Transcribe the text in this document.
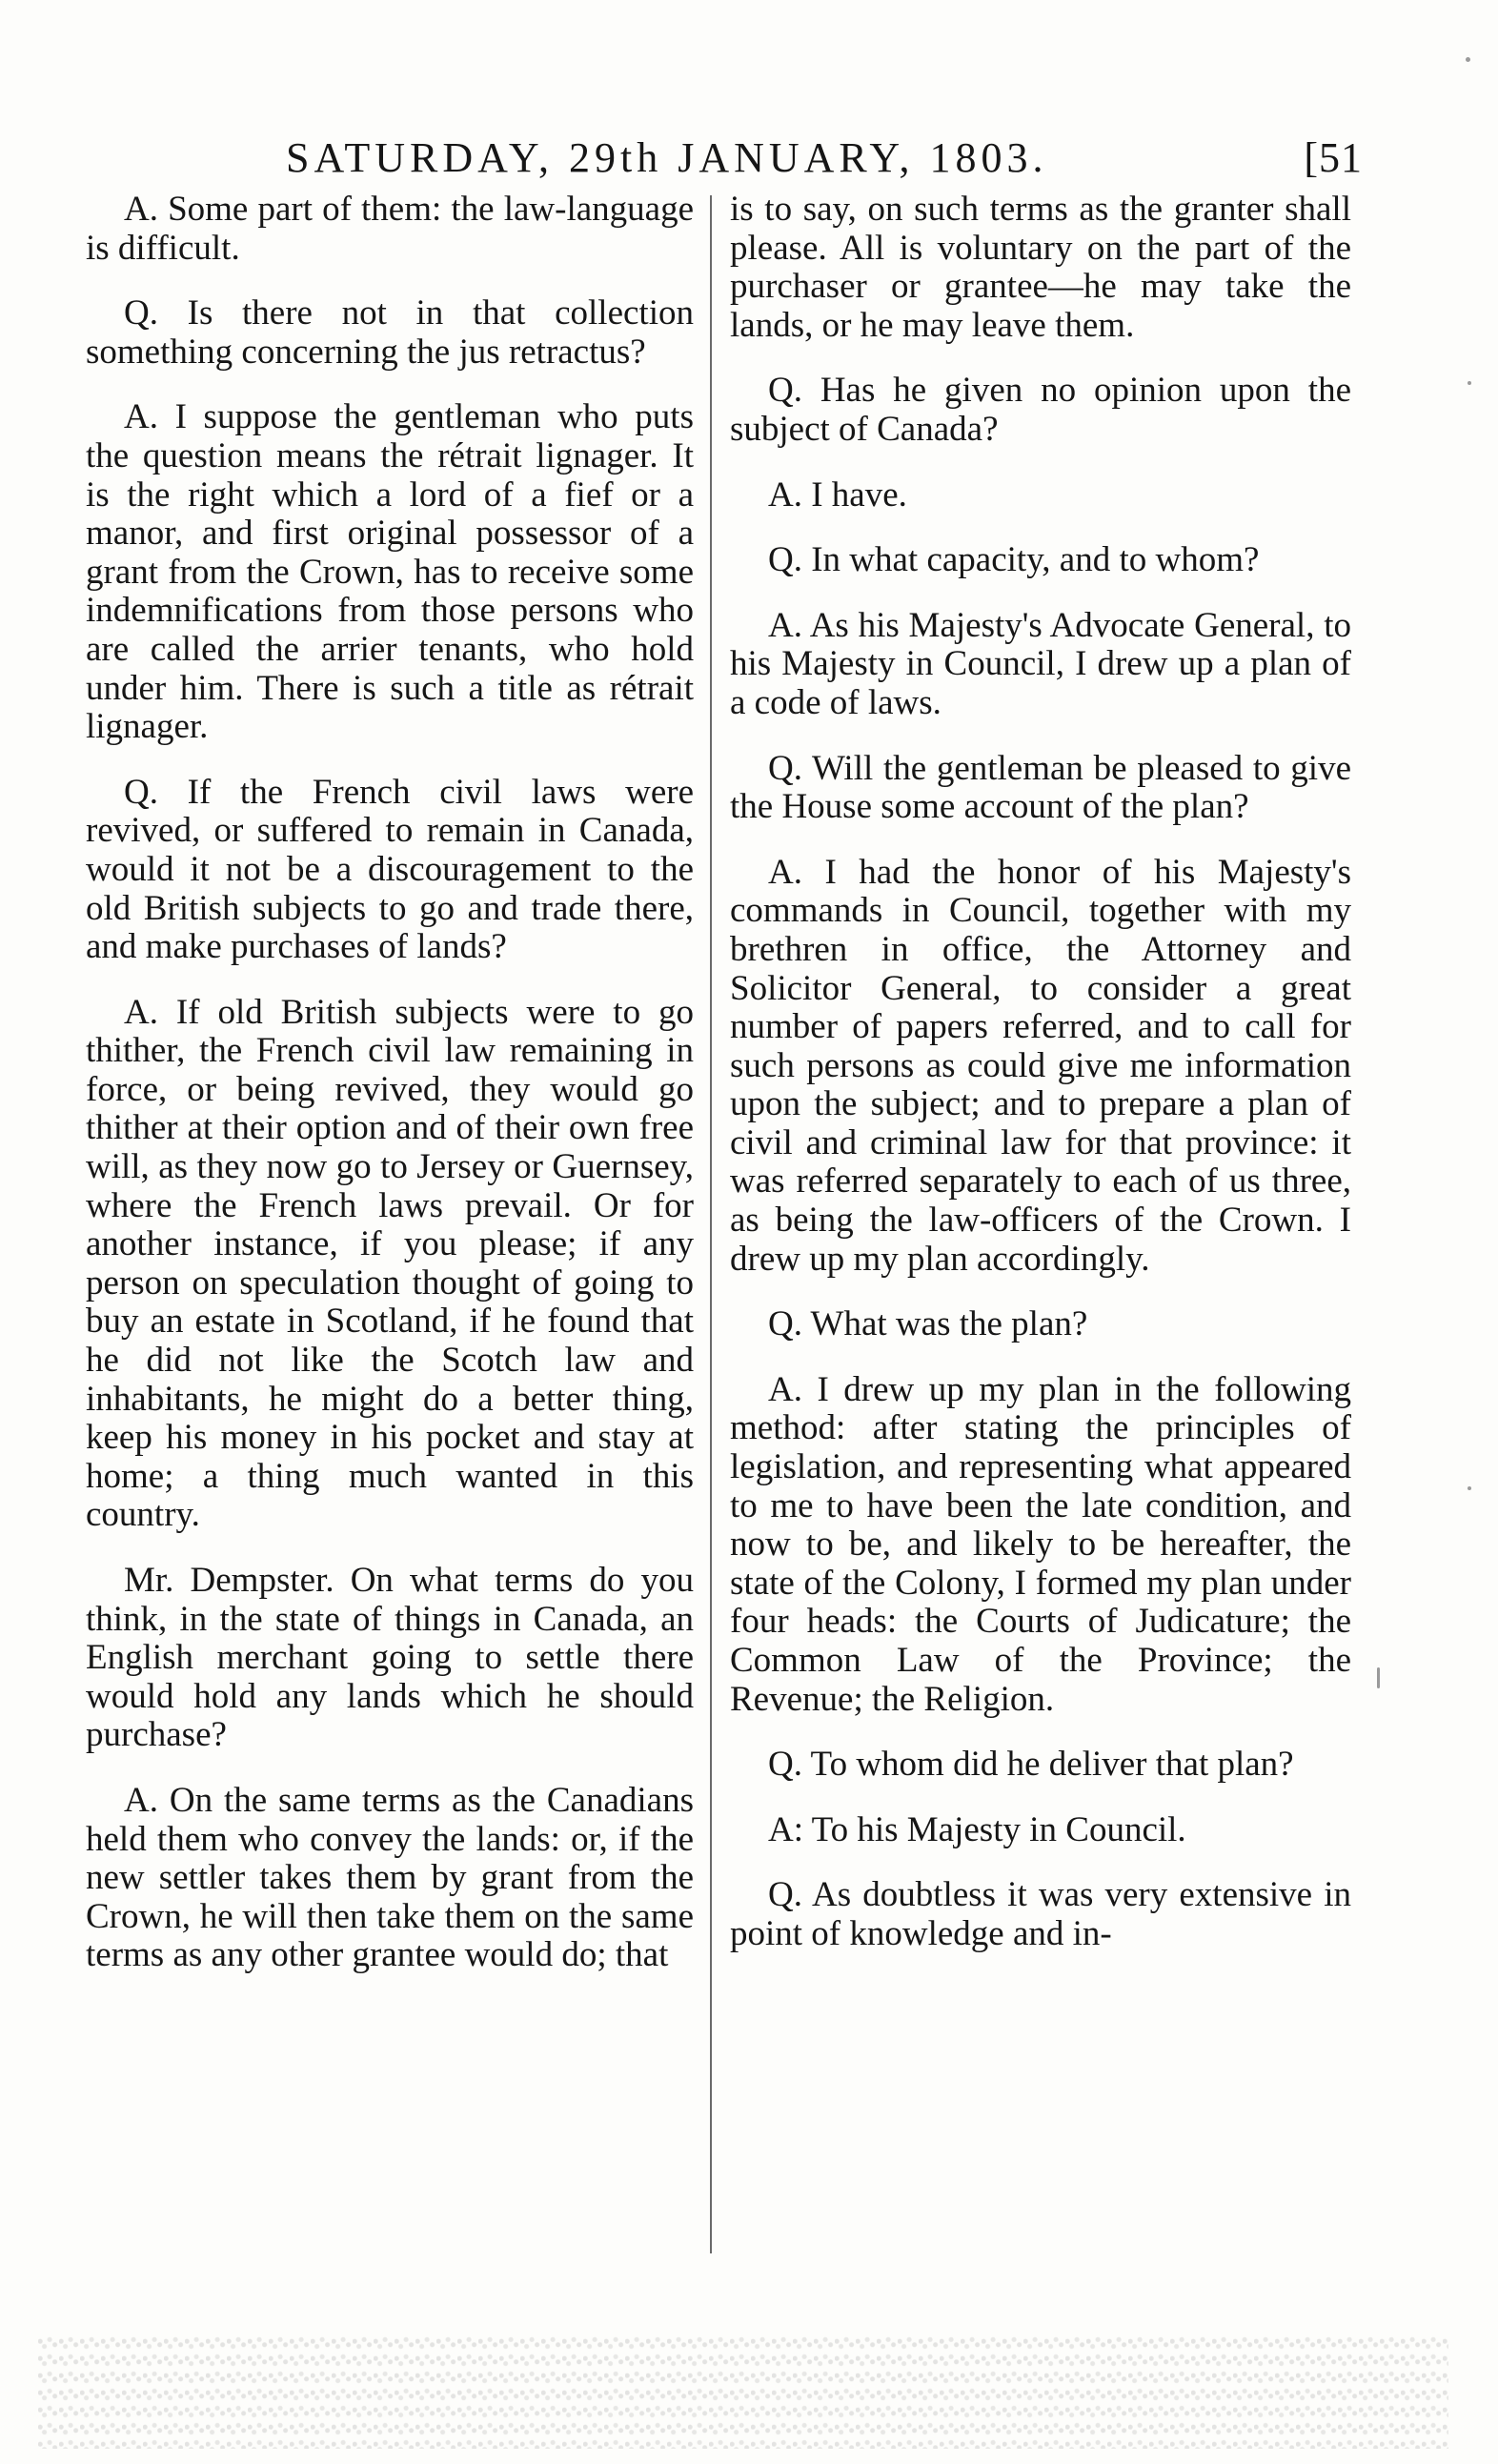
SATURDAY, 29th JANUARY, 1803.	[51

A. Some part of them: the law-language is difficult.

Q. Is there not in that collection something concerning the jus retractus?

A. I suppose the gentleman who puts the question means the rétrait lignager. It is the right which a lord of a fief or a manor, and first original possessor of a grant from the Crown, has to receive some indemnifications from those persons who are called the arrier tenants, who hold under him. There is such a title as rétrait lignager.

Q. If the French civil laws were revived, or suffered to remain in Canada, would it not be a discouragement to the old British subjects to go and trade there, and make purchases of lands?

A. If old British subjects were to go thither, the French civil law remaining in force, or being revived, they would go thither at their option and of their own free will, as they now go to Jersey or Guernsey, where the French laws prevail. Or for another instance, if you please; if any person on speculation thought of going to buy an estate in Scotland, if he found that he did not like the Scotch law and inhabitants, he might do a better thing, keep his money in his pocket and stay at home; a thing much wanted in this country.

Mr. Dempster. On what terms do you think, in the state of things in Canada, an English merchant going to settle there would hold any lands which he should purchase?

A. On the same terms as the Canadians held them who convey the lands: or, if the new settler takes them by grant from the Crown, he will then take them on the same terms as any other grantee would do; that

is to say, on such terms as the granter shall please. All is voluntary on the part of the purchaser or grantee—he may take the lands, or he may leave them.

Q. Has he given no opinion upon the subject of Canada?

A. I have.

Q. In what capacity, and to whom?

A. As his Majesty's Advocate General, to his Majesty in Council, I drew up a plan of a code of laws.

Q. Will the gentleman be pleased to give the House some account of the plan?

A. I had the honor of his Majesty's commands in Council, together with my brethren in office, the Attorney and Solicitor General, to consider a great number of papers referred, and to call for such persons as could give me information upon the subject; and to prepare a plan of civil and criminal law for that province: it was referred separately to each of us three, as being the law-officers of the Crown. I drew up my plan accordingly.

Q. What was the plan?

A. I drew up my plan in the following method: after stating the principles of legislation, and representing what appeared to me to have been the late condition, and now to be, and likely to be hereafter, the state of the Colony, I formed my plan under four heads: the Courts of Judicature; the Common Law of the Province; the Revenue; the Religion.

Q. To whom did he deliver that plan?

A: To his Majesty in Council.

Q. As doubtless it was very extensive in point of knowledge and in-
